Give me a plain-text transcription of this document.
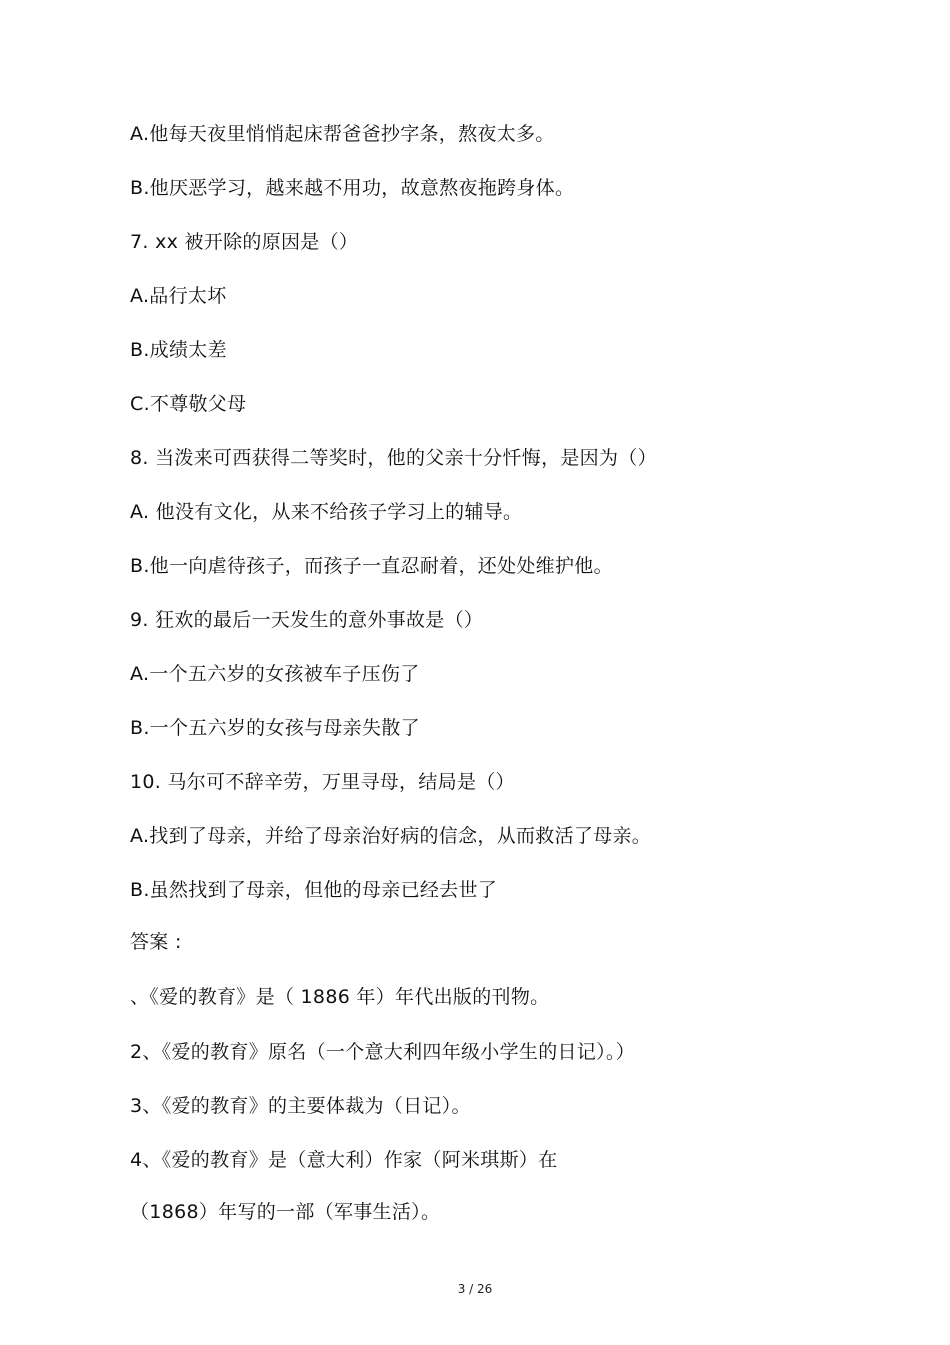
A.他每天夜里悄悄起床帮爸爸抄字条，熬夜太多。
B.他厌恶学习，越来越不用功，故意熬夜拖跨身体。
7. xx 被开除的原因是（）
A.品行太坏
B.成绩太差
C.不尊敬父母
8. 当泼来可西获得二等奖时，他的父亲十分忏悔，是因为（）
A. 他没有文化，从来不给孩子学习上的辅导。
B.他一向虐待孩子，而孩子一直忍耐着，还处处维护他。
9. 狂欢的最后一天发生的意外事故是（）
A.一个五六岁的女孩被车子压伤了
B.一个五六岁的女孩与母亲失散了
10. 马尔可不辞辛劳，万里寻母，结局是（）
A.找到了母亲，并给了母亲治好病的信念，从而救活了母亲。
B.虽然找到了母亲，但他的母亲已经去世了
答案 :
、《爱的教育》是（ 1886 年）年代出版的刊物。
2、《爱的教育》原名（一个意大利四年级小学生的日记）。）
3、《爱的教育》的主要体裁为（日记）。
4、《爱的教育》是（意大利）作家（阿米琪斯）在
（1868）年写的一部（军事生活）。
3 / 26
